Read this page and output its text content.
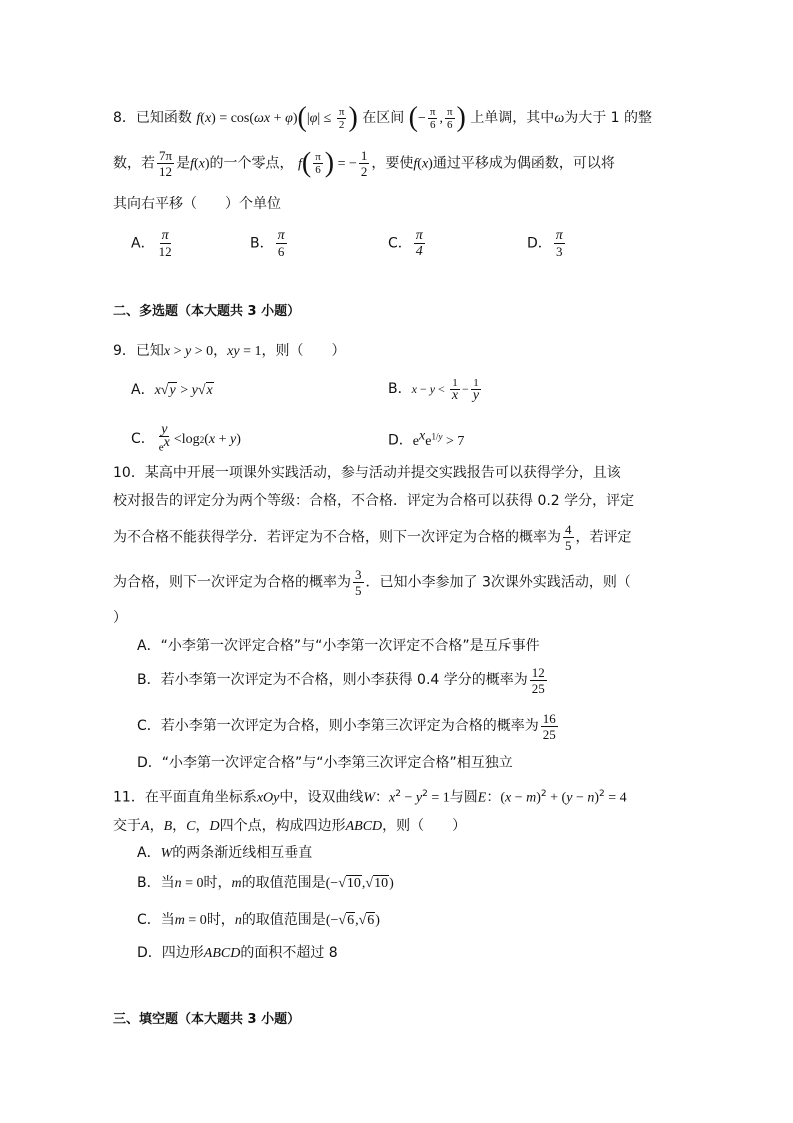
8．已知函数 $f(x) = \cos(\omega x + \varphi)(|\varphi| \le \frac{\pi}{2}$ ) 在区间 (− $\frac{\pi}{6}$ , $\frac{\pi}{6}$ ) 上单调，其中ω为大于 1 的整
数，若 $\frac{7\pi}{12}$ 是f(x)的一个零点， $f( \frac{\pi}{6}$ ) = − $\frac{1}{2}$ ，要使f(x)通过平移成为偶函数，可以将
其向右平移（　　）个单位
A． $\frac{\pi}{12}$	B． $\frac{\pi}{6}$	C． $\frac{\pi}{4}$	D． $\frac{\pi}{3}$
二、多选题（本大题共 3 小题）
9．已知x > y > 0，xy = 1，则（　　）
A．x√y > y√x	B．$x - y < \frac{1}{x} - \frac{1}{y}$
C． $\frac{y}{e^x} <\log 2(x + y)$	D．$e^xe^{1/y} > 7$
10．某高中开展一项课外实践活动，参与活动并提交实践报告可以获得学分，且该
校对报告的评定分为两个等级：合格，不合格．评定为合格可以获得 0.2 学分，评定
为不合格不能获得学分．若评定为不合格，则下一次评定为合格的概率为 $\frac{4}{5}$ ，若评定
为合格，则下一次评定为合格的概率为 $\frac{3}{5}$ ．已知小李参加了 3次课外实践活动，则（
）
A．“小李第一次评定合格”与“小李第一次评定不合格”是互斥事件
B．若小李第一次评定为不合格，则小李获得 0.4 学分的概率为 $\frac{12}{25}$
C．若小李第一次评定为合格，则小李第三次评定为合格的概率为 $\frac{16}{25}$
D．“小李第一次评定合格”与“小李第三次评定合格”相互独立
11．在平面直角坐标系xOy中，设双曲线W：$x^2 - y^2 = 1$与圆E：$(x - m)^2 + (y - n)^2 = 4$
交于A，B，C，D四个点，构成四边形ABCD，则（　　）
A．W的两条渐近线相互垂直
B．当n = 0时，m的取值范围是(−√10,√10)
C．当m = 0时，n的取值范围是(−√6,√6)
D．四边形ABCD的面积不超过 8
三、填空题（本大题共 3 小题）
